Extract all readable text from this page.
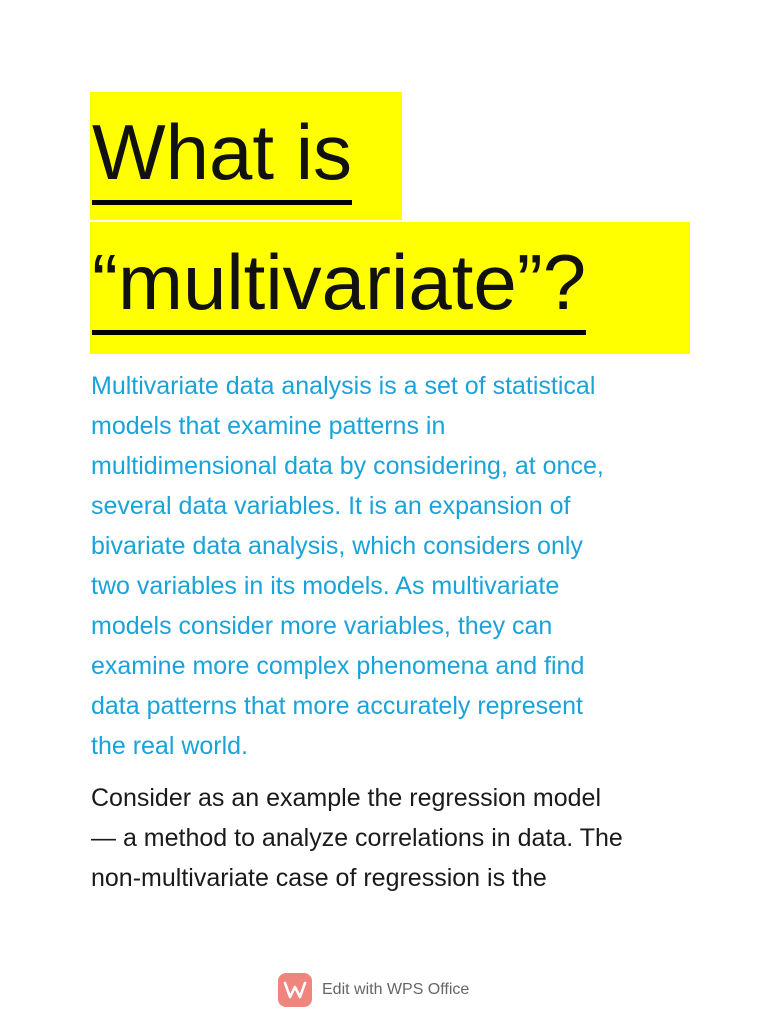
What is
“multivariate”?

Multivariate data analysis is a set of statistical
models that examine patterns in
multidimensional data by considering, at once,
several data variables. It is an expansion of
bivariate data analysis, which considers only
two variables in its models. As multivariate
models consider more variables, they can
examine more complex phenomena and find
data patterns that more accurately represent
the real world.

Consider as an example the regression model
— a method to analyze correlations in data. The
non-multivariate case of regression is the

Edit with WPS Office
